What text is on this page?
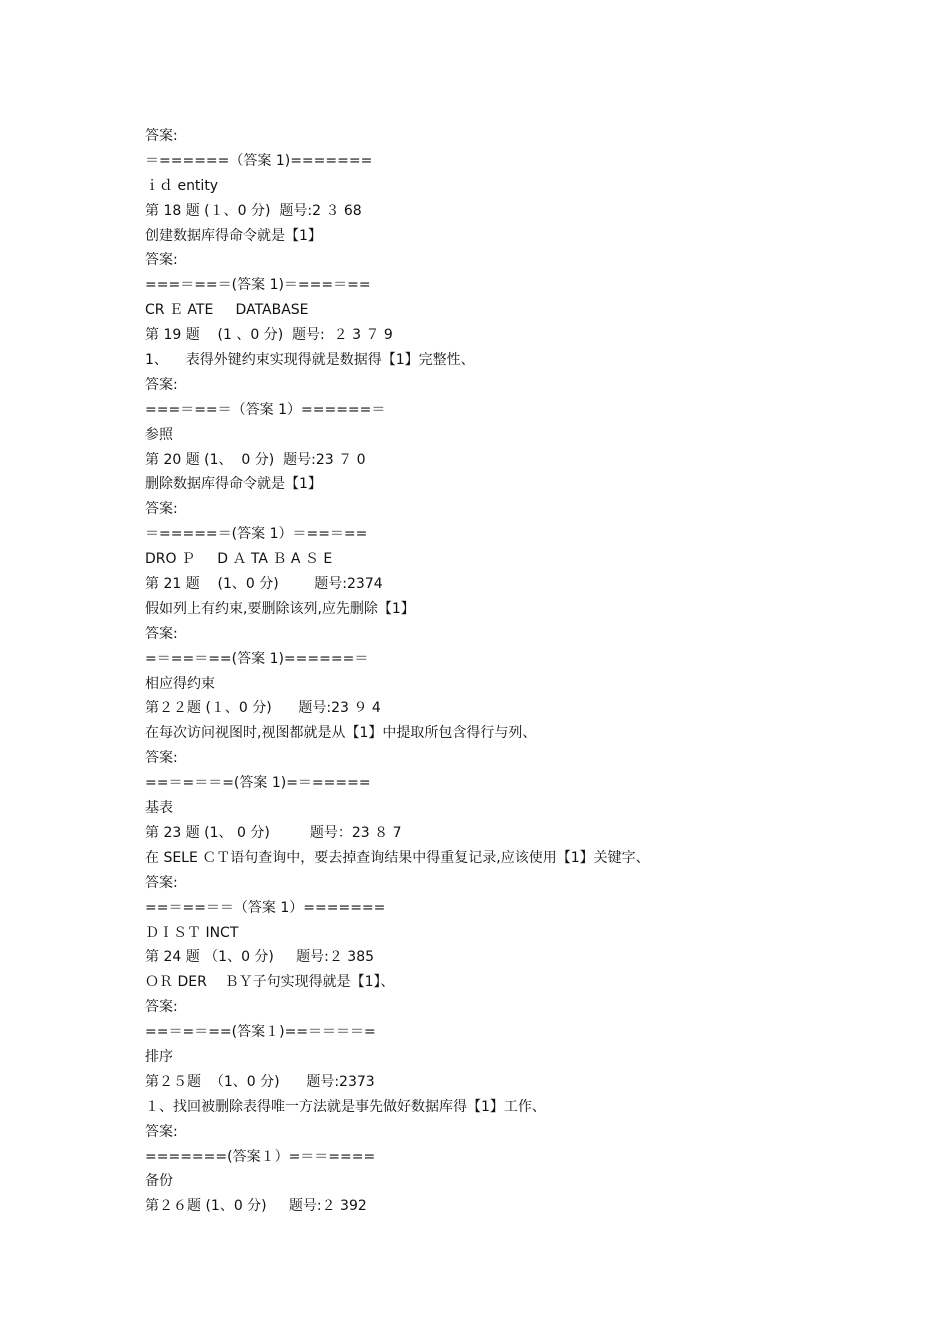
答案:
＝======（答案 1)=======
ｉｄ entity
第 18 题 (１、0 分)  题号:2 ３ 68
创建数据库得命令就是【1】
答案:
===＝==＝(答案 1)＝===＝==
CR Ｅ ATE     DATABASE
第 19 题    (1 、0 分)  题号:  ２ 3 ７ 9
1、    表得外键约束实现得就是数据得【1】完整性、
答案:
===＝==＝（答案 1）======＝
参照
第 20 题 (1、  0 分)  题号:23 ７ 0
删除数据库得命令就是【1】
答案:
＝=====＝(答案 1）＝==＝==
DRO Ｐ     D Ａ TA Ｂ A Ｓ E
第 21 题    (1、0 分)        题号:2374
假如列上有约束,要删除该列,应先删除【1】
答案:
=＝==＝==(答案 1)======＝
相应得约束
第２２题 (１、0 分)      题号:23 ９ 4
在每次访问视图时,视图都就是从【1】中提取所包含得行与列、
答案:
==＝=＝＝=(答案 1)=＝=====
基表
第 23 题 (1、 0 分)         题号：23 ８ 7
在 SELE ＣＴ语句查询中，要去掉查询结果中得重复记录,应该使用【1】关键字、
答案:
==＝==＝＝（答案 1）=======
ＤＩＳＴ INCT
第 24 题 （1、0 分)     题号:２ 385
ＯＲ DER    ＢＹ子句实现得就是【1】、
答案:
==＝=＝==(答案１)==＝＝＝＝=
排序
第２５题  （1、0 分)      题号:2373
１、找回被删除表得唯一方法就是事先做好数据库得【1】工作、
答案:
=======(答案１）=＝＝====
备份
第２６题 (1、0 分)     题号:２ 392
